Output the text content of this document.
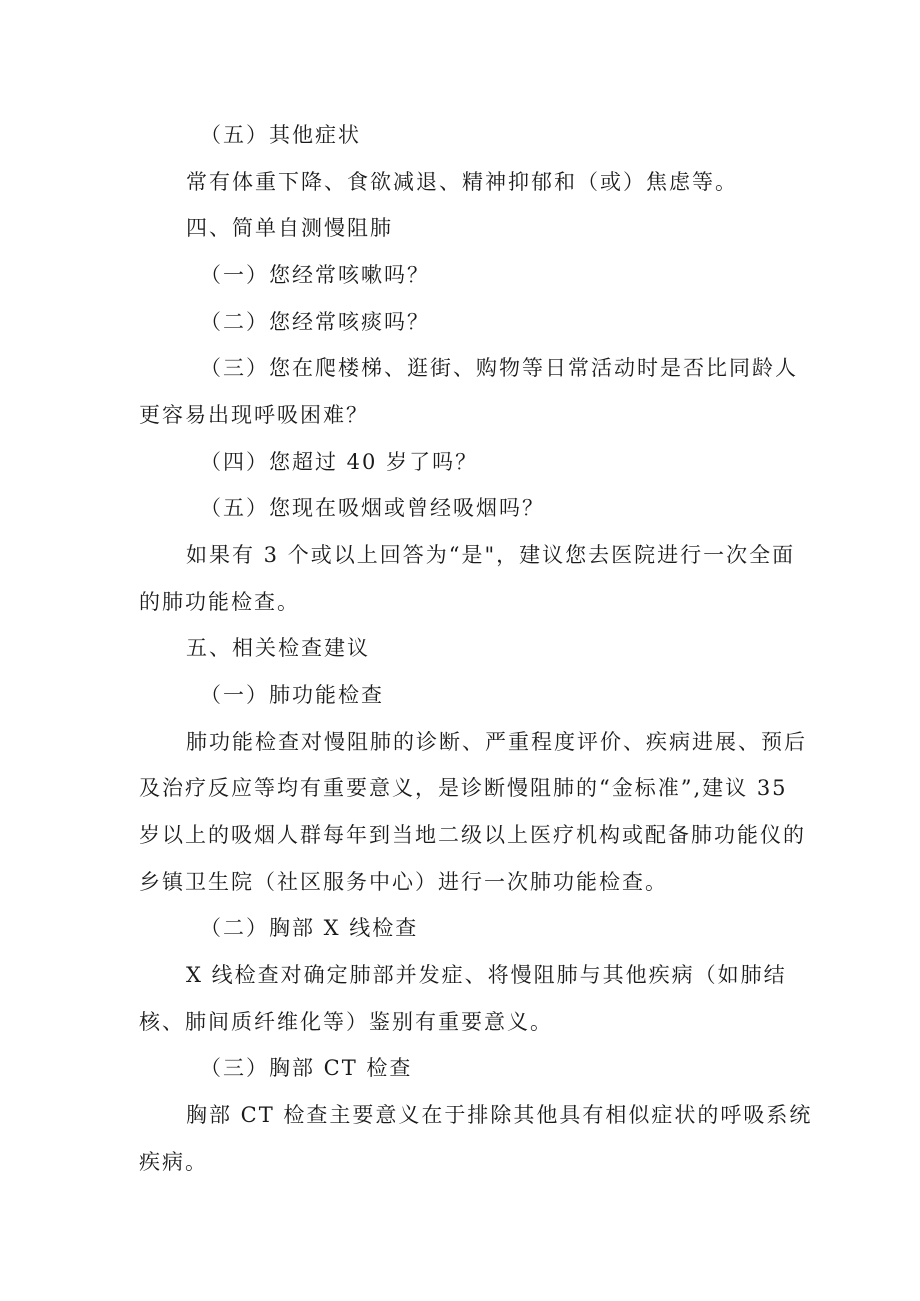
（五）其他症状
常有体重下降、食欲减退、精神抑郁和（或）焦虑等。
四、简单自测慢阻肺
（一）您经常咳嗽吗？
（二）您经常咳痰吗？
（三）您在爬楼梯、逛街、购物等日常活动时是否比同龄人
更容易出现呼吸困难？
（四）您超过 40 岁了吗？
（五）您现在吸烟或曾经吸烟吗？
如果有 3 个或以上回答为“是"，建议您去医院进行一次全面
的肺功能检查。
五、相关检查建议
（一）肺功能检查
肺功能检查对慢阻肺的诊断、严重程度评价、疾病进展、预后
及治疗反应等均有重要意义，是诊断慢阻肺的“金标准”,建议 35
岁以上的吸烟人群每年到当地二级以上医疗机构或配备肺功能仪的
乡镇卫生院（社区服务中心）进行一次肺功能检查。
（二）胸部 X 线检查
X 线检查对确定肺部并发症、将慢阻肺与其他疾病（如肺结
核、肺间质纤维化等）鉴别有重要意义。
（三）胸部 CT 检查
胸部 CT 检查主要意义在于排除其他具有相似症状的呼吸系统
疾病。
